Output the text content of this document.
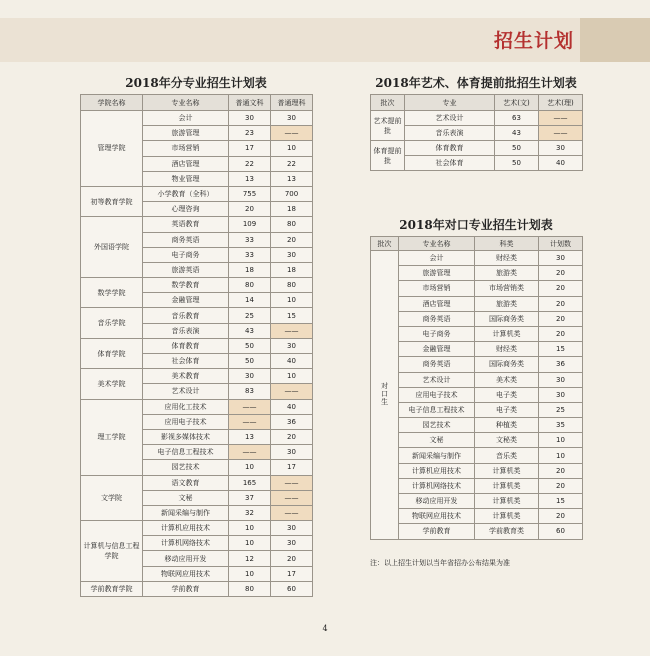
招生计划
2018年分专业招生计划表
学院名称	专业名称	普通文科	普通理科
管理学院	会计	30	30
	旅游管理	23	——
	市场营销	17	10
	酒店管理	22	22
	物业管理	13	13
初等教育学院	小学教育（全科）	755	700
	心理咨询	20	18
外国语学院	英语教育	109	80
	商务英语	33	20
	电子商务	33	30
	旅游英语	18	18
数学学院	数学教育	80	80
	金融管理	14	10
音乐学院	音乐教育	25	15
	音乐表演	43	——
体育学院	体育教育	50	30
	社会体育	50	40
美术学院	美术教育	30	10
	艺术设计	83	——
理工学院	应用化工技术	——	40
	应用电子技术	——	36
	影视多媒体技术	13	20
	电子信息工程技术	——	30
	园艺技术	10	17
文学院	语文教育	165	——
	文秘	37	——
	新闻采编与制作	32	——
计算机与信息工程学院	计算机应用技术	10	30
	计算机网络技术	10	30
	移动应用开发	12	20
	物联网应用技术	10	17
学前教育学院	学前教育	80	60
2018年艺术、体育提前批招生计划表
批次	专业	艺术(文)	艺术(理)
艺术提前批	艺术设计	63	——
	音乐表演	43	——
体育提前批	体育教育	50	30
	社会体育	50	40
2018年对口专业招生计划表
批次	专业名称	科类	计划数
对口生	会计	财经类	30
	旅游管理	旅游类	20
	市场营销	市场营销类	20
	酒店管理	旅游类	20
	商务英语	国际商务类	20
	电子商务	计算机类	20
	金融管理	财经类	15
	商务英语	国际商务类	36
	艺术设计	美术类	30
	应用电子技术	电子类	30
	电子信息工程技术	电子类	25
	园艺技术	种植类	35
	文秘	文秘类	10
	新闻采编与制作	音乐类	10
	计算机应用技术	计算机类	20
	计算机网络技术	计算机类	20
	移动应用开发	计算机类	15
	物联网应用技术	计算机类	20
	学前教育	学前教育类	60
注：以上招生计划以当年省招办公布结果为准
4
